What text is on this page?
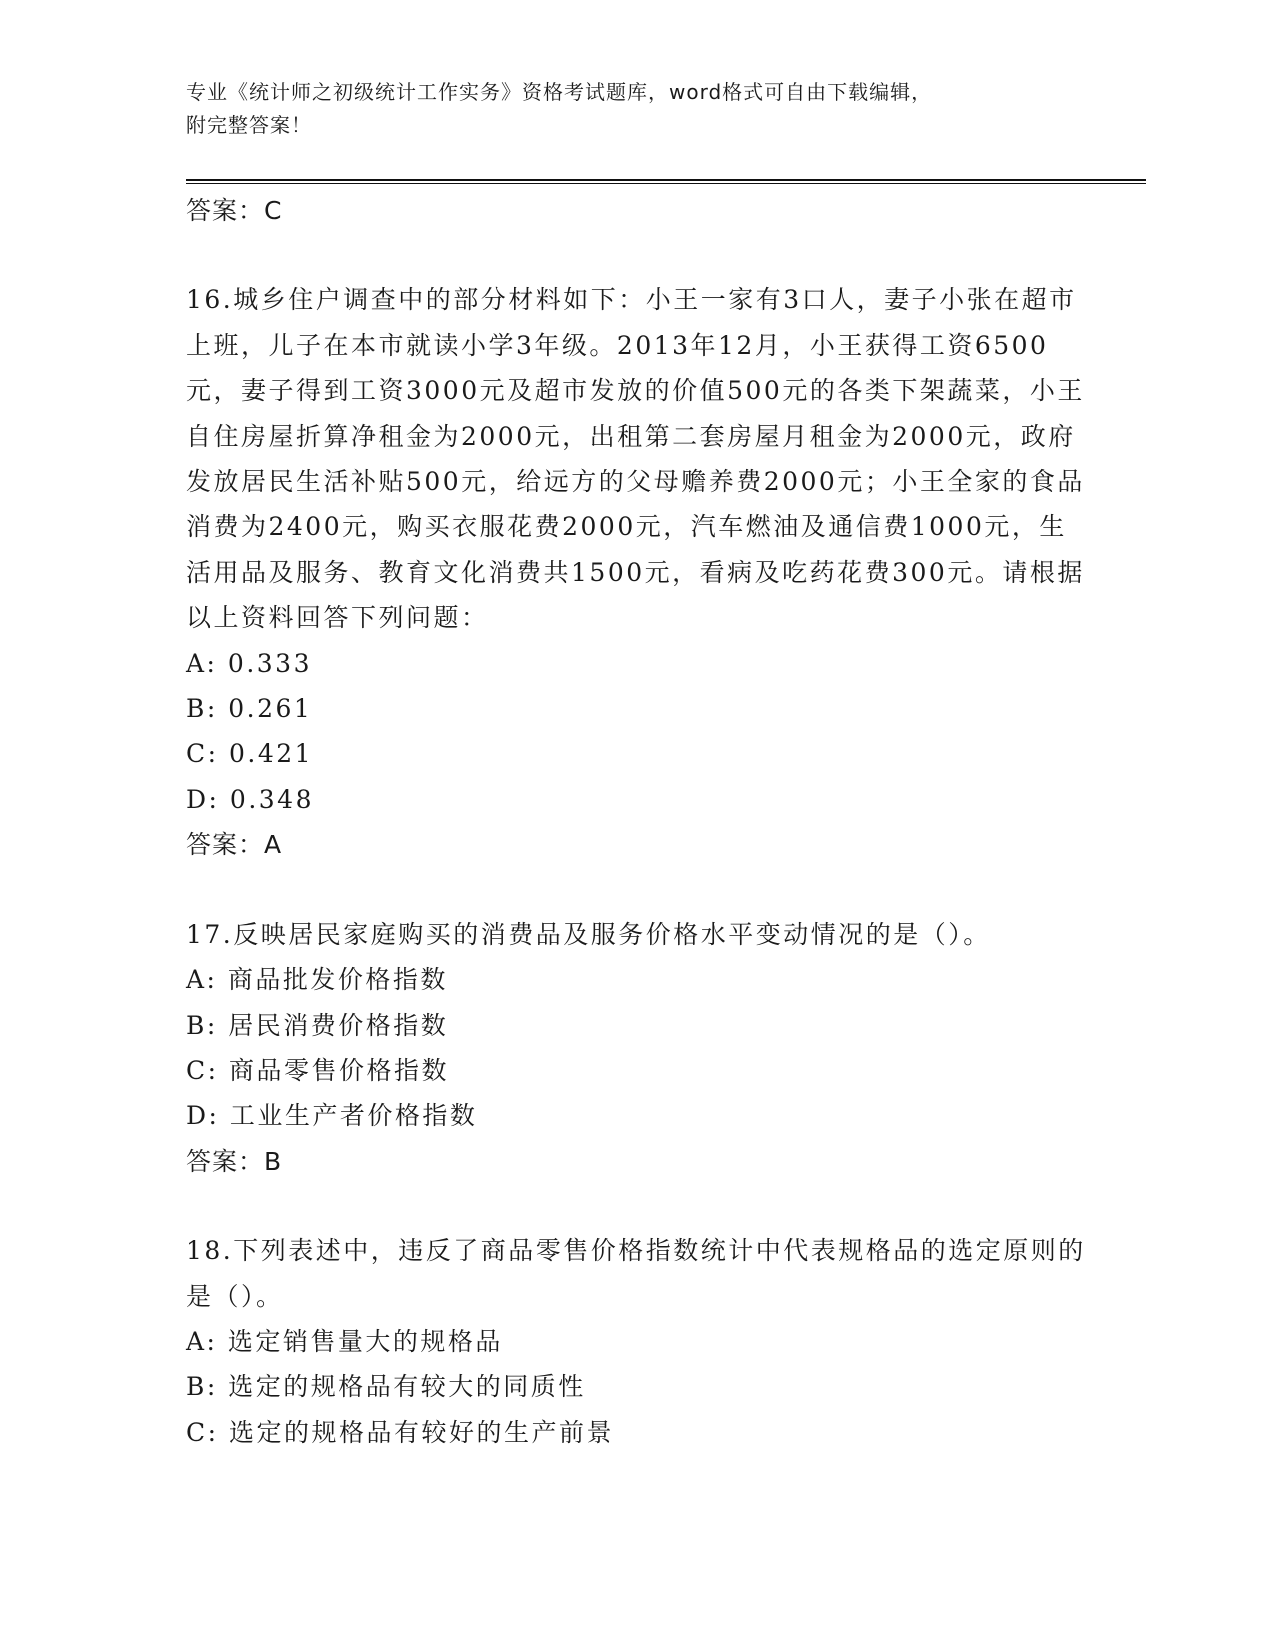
专业《统计师之初级统计工作实务》资格考试题库，word格式可自由下载编辑，
附完整答案！
答案：C
16.城乡住户调查中的部分材料如下：小王一家有3口人，妻子小张在超市上班，儿子在本市就读小学3年级。2013年12月，小王获得工资6500元，妻子得到工资3000元及超市发放的价值500元的各类下架蔬菜，小王自住房屋折算净租金为2000元，出租第二套房屋月租金为2000元，政府发放居民生活补贴500元，给远方的父母赡养费2000元；小王全家的食品消费为2400元，购买衣服花费2000元，汽车燃油及通信费1000元，生活用品及服务、教育文化消费共1500元，看病及吃药花费300元。请根据以上资料回答下列问题：
A: 0.333
B: 0.261
C: 0.421
D: 0.348
答案：A
17.反映居民家庭购买的消费品及服务价格水平变动情况的是（）。
A: 商品批发价格指数
B: 居民消费价格指数
C: 商品零售价格指数
D: 工业生产者价格指数
答案：B
18.下列表述中，违反了商品零售价格指数统计中代表规格品的选定原则的是（）。
A: 选定销售量大的规格品
B: 选定的规格品有较大的同质性
C: 选定的规格品有较好的生产前景
